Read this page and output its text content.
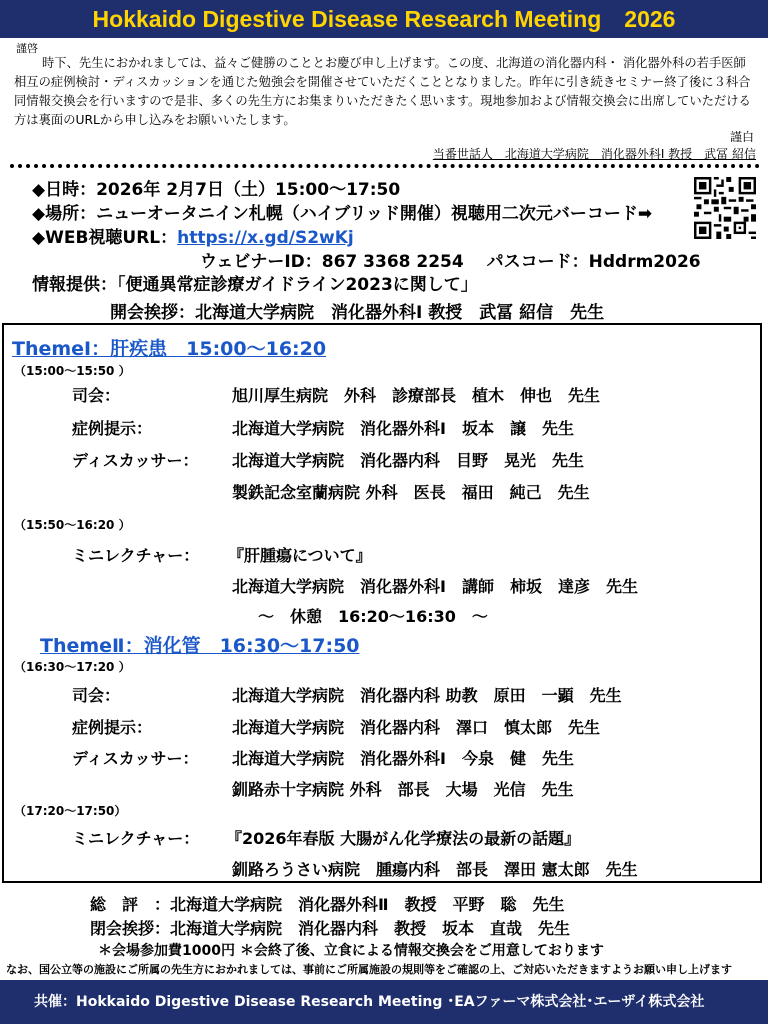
Hokkaido Digestive Disease Research Meeting　2026
謹啓
時下、先生におかれましては、益々ご健勝のこととお慶び申し上げます。この度、北海道の消化器内科・ 消化器外科の若手医師相互の症例検討・ディスカッションを通じた勉強会を開催させていただくこととなりました。昨年に引き続きセミナー終了後に３科合同情報交換会を行いますので是非、多くの先生方にお集まりいただきたく思います。現地参加および情報交換会に出席していただける方は裏面のURLから申し込みをお願いいたします。
謹白
当番世話人　北海道大学病院　消化器外科Ⅰ 教授　武冨 紹信
◆日時：2026年 2月7日（土）15:00～17:50
◆場所：ニューオータニイン札幌（ハイブリッド開催）視聴用二次元バーコード➡
◆WEB視聴URL：https://x.gd/S2wKj
ウェビナーID：867 3368 2254　 パスコード：Hddrm2026
情報提供：「便通異常症診療ガイドライン2023に関して」
開会挨拶：北海道大学病院　消化器外科Ⅰ 教授　武冨 紹信　先生
ThemeⅠ：肝疾患　15:00～16:20
（15:00～15:50 ）
司会：	旭川厚生病院　外科　診療部長　植木　伸也　先生
症例提示：	北海道大学病院　消化器外科Ⅰ　坂本　譲　先生
ディスカッサー： 北海道大学病院　消化器内科　目野　晃光　先生
製鉄記念室蘭病院 外科　医長　福田　純己　先生
（15:50～16:20 ）
ミニレクチャー： 『肝腫瘍について』
北海道大学病院　消化器外科Ⅰ　講師　柿坂　達彦　先生
～　休憩　16:20～16:30　～
ThemeⅡ：消化管　16:30～17:50
（16:30～17:20 ）
司会：	北海道大学病院　消化器内科 助教　原田　一顕　先生
症例提示：	北海道大学病院　消化器内科　澤口　慎太郎　先生
ディスカッサー： 北海道大学病院　消化器外科Ⅰ　今泉　健　先生
釧路赤十字病院 外科　部長　大場　光信　先生
（17:20～17:50）
ミニレクチャー： 『2026年春版 大腸がん化学療法の最新の話題』
釧路ろうさい病院　腫瘍内科　部長　澤田 憲太郎　先生
総　評　：北海道大学病院　消化器外科Ⅱ　教授　平野　聡　先生
閉会挨拶：北海道大学病院　消化器内科　教授　坂本　直哉　先生
＊会場参加費1000円 ＊会終了後、立食による情報交換会をご用意しております
なお、国公立等の施設にご所属の先生方におかれましては、事前にご所属施設の規則等をご確認の上、ご対応いただきますようお願い申し上げます
共催：Hokkaido Digestive Disease Research Meeting ･EAファーマ株式会社･エーザイ株式会社
